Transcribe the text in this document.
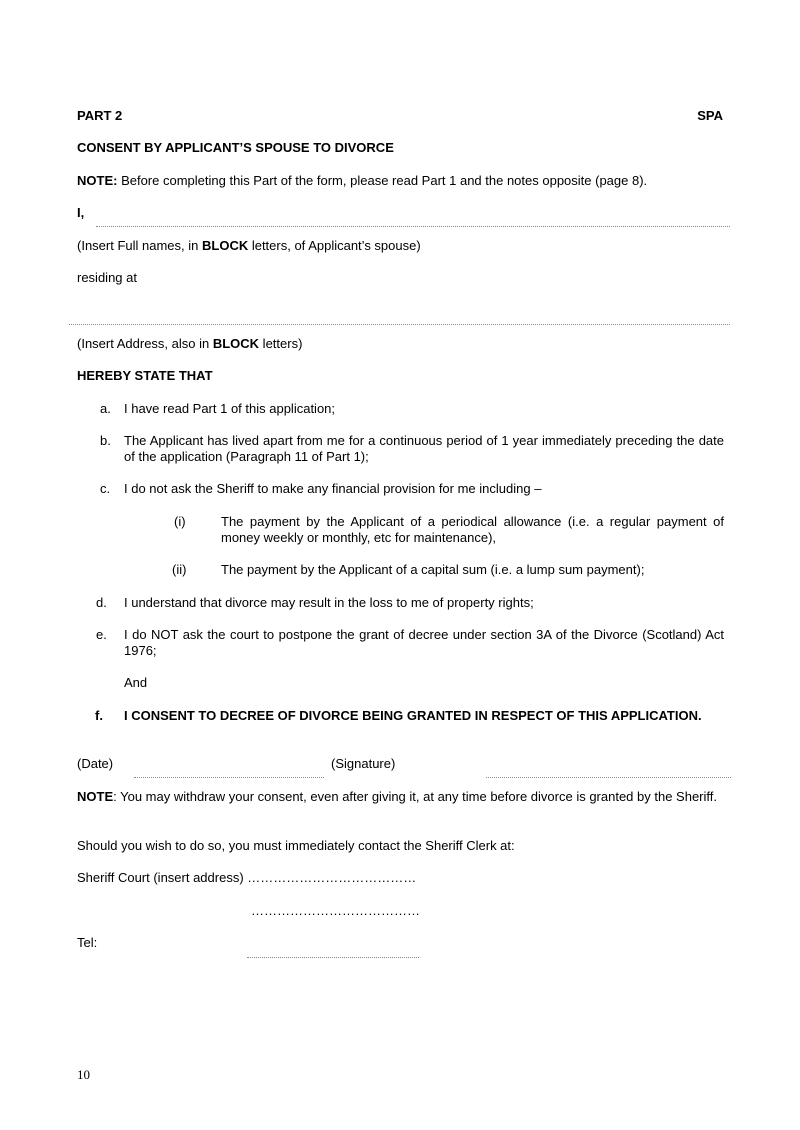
PART 2	SPA
CONSENT BY APPLICANT’S SPOUSE TO DIVORCE
NOTE: Before completing this Part of the form, please read Part 1 and the notes opposite (page 8).
I,
(Insert Full names, in BLOCK letters, of Applicant’s spouse)
residing at
(Insert Address, also in BLOCK letters)
HEREBY STATE THAT
a. I have read Part 1 of this application;
b. The Applicant has lived apart from me for a continuous period of 1 year immediately preceding the date of the application (Paragraph 11 of Part 1);
c. I do not ask the Sheriff to make any financial provision for me including –
(i)	The payment by the Applicant of a periodical allowance (i.e. a regular payment of money weekly or monthly, etc for maintenance),
(ii)	The payment by the Applicant of a capital sum (i.e. a lump sum payment);
d. I understand that divorce may result in the loss to me of property rights;
e. I do NOT ask the court to postpone the grant of decree under section 3A of the Divorce (Scotland) Act 1976;
And
f. I CONSENT TO DECREE OF DIVORCE BEING GRANTED IN RESPECT OF THIS APPLICATION.
(Date)	(Signature)
NOTE: You may withdraw your consent, even after giving it, at any time before divorce is granted by the Sheriff.
Should you wish to do so, you must immediately contact the Sheriff Clerk at:
Sheriff Court (insert address) …………………………………
…………………………………
Tel:
10
